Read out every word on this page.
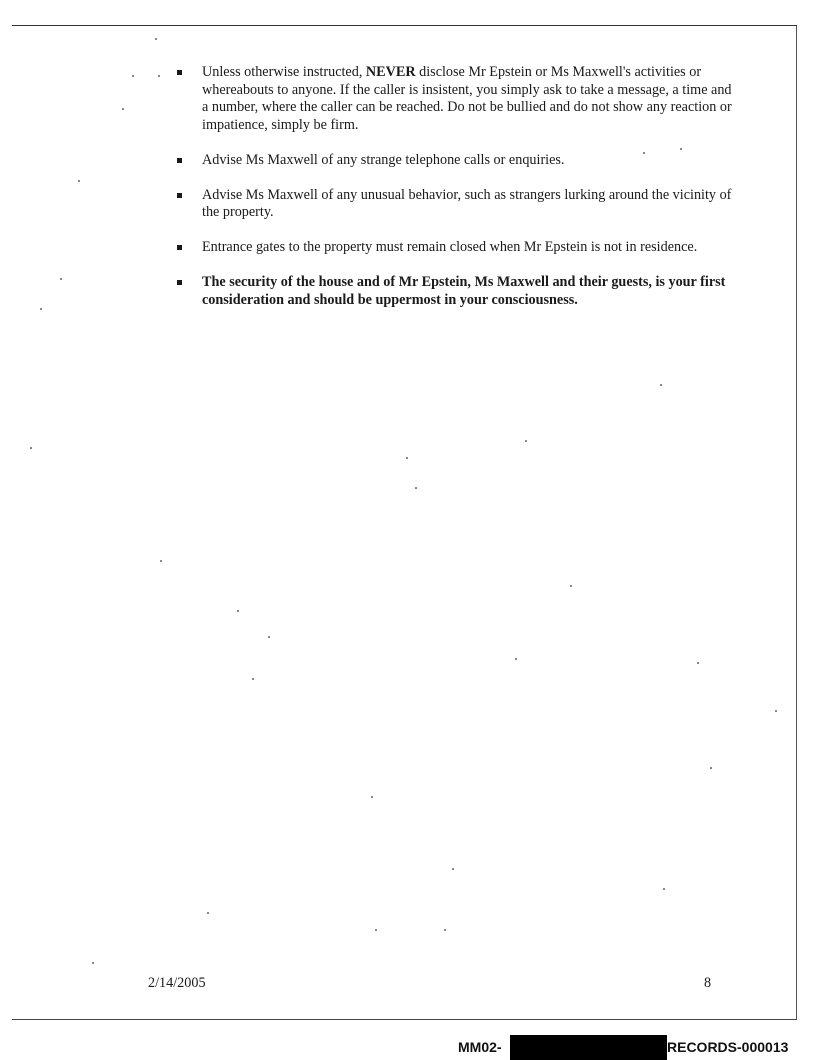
Unless otherwise instructed, NEVER disclose Mr Epstein or Ms Maxwell's activities or whereabouts to anyone. If the caller is insistent, you simply ask to take a message, a time and a number, where the caller can be reached. Do not be bullied and do not show any reaction or impatience, simply be firm.
Advise Ms Maxwell of any strange telephone calls or enquiries.
Advise Ms Maxwell of any unusual behavior, such as strangers lurking around the vicinity of the property.
Entrance gates to the property must remain closed when Mr Epstein is not in residence.
The security of the house and of Mr Epstein, Ms Maxwell and their guests, is your first consideration and should be uppermost in your consciousness.
2/14/2005	8
MM02-	RECORDS-000013
